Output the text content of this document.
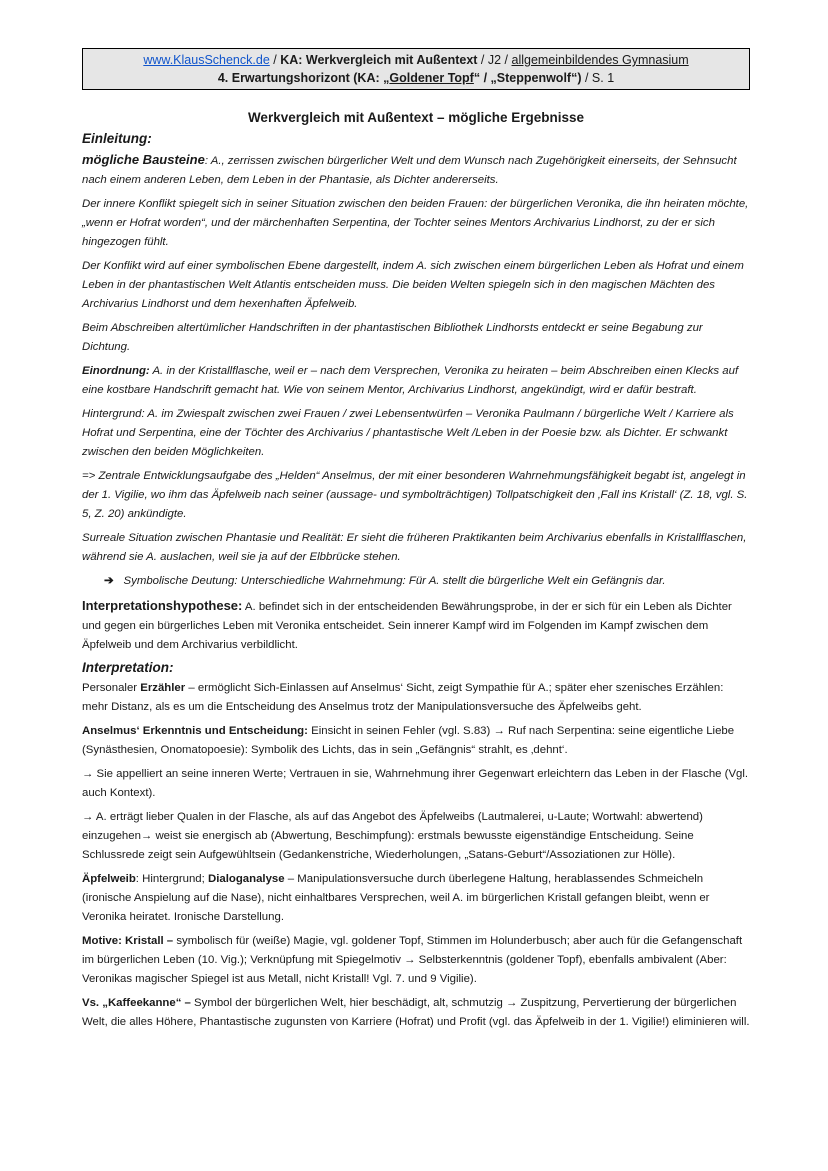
www.KlausSchenck.de / KA: Werkvergleich mit Außentext / J2 / allgemeinbildendes Gymnasium
4. Erwartungshorizont (KA: „Goldener Topf“ / „Steppenwolf“) / S. 1
Werkvergleich mit Außentext – mögliche Ergebnisse
Einleitung:

mögliche Bausteine: A., zerrissen zwischen bürgerlicher Welt und dem Wunsch nach Zugehörigkeit einerseits, der Sehnsucht nach einem anderen Leben, dem Leben in der Phantasie, als Dichter andererseits.

Der innere Konflikt spiegelt sich in seiner Situation zwischen den beiden Frauen: der bürgerlichen Veronika, die ihn heiraten möchte, „wenn er Hofrat worden“, und der märchenhaften Serpentina, der Tochter seines Mentors Archivarius Lindhorst, zu der er sich hingezogen fühlt.

Der Konflikt wird auf einer symbolischen Ebene dargestellt, indem A. sich zwischen einem bürgerlichen Leben als Hofrat und einem Leben in der phantastischen Welt Atlantis entscheiden muss. Die beiden Welten spiegeln sich in den magischen Mächten des Archivarius Lindhorst und dem hexenhaften Äpfelweib.

Beim Abschreiben altertümlicher Handschriften in der phantastischen Bibliothek Lindhorsts entdeckt er seine Begabung zur Dichtung.

Einordnung: A. in der Kristallflasche, weil er – nach dem Versprechen, Veronika zu heiraten – beim Abschreiben einen Klecks auf eine kostbare Handschrift gemacht hat. Wie von seinem Mentor, Archivarius Lindhorst, angekündigt, wird er dafür bestraft.

Hintergrund: A. im Zwiespalt zwischen zwei Frauen / zwei Lebensentwürfen – Veronika Paulmann / bürgerliche Welt / Karriere als Hofrat und Serpentina, eine der Töchter des Archivarius / phantastische Welt /Leben in der Poesie bzw. als Dichter. Er schwankt zwischen den beiden Möglichkeiten.

=> Zentrale Entwicklungsaufgabe des „Helden“ Anselmus, der mit einer besonderen Wahrnehmungsfähigkeit begabt ist, angelegt in der 1. Vigilie, wo ihm das Äpfelweib nach seiner (aussage- und symbolträchtigen) Tollpatschigkeit den ‚Fall ins Kristall‘ (Z. 18, vgl. S. 5, Z. 20) ankündigte.

Surreale Situation zwischen Phantasie und Realität: Er sieht die früheren Praktikanten beim Archivarius ebenfalls in Kristallflaschen, während sie A. auslachen, weil sie ja auf der Elbbrücke stehen.

➔ Symbolische Deutung: Unterschiedliche Wahrnehmung: Für A. stellt die bürgerliche Welt ein Gefängnis dar.

Interpretationshypothese: A. befindet sich in der entscheidenden Bewährungsprobe, in der er sich für ein Leben als Dichter und gegen ein bürgerliches Leben mit Veronika entscheidet. Sein innerer Kampf wird im Folgenden im Kampf zwischen dem Äpfelweib und dem Archivarius verbildlicht.

Interpretation:

Personaler Erzähler – ermöglicht Sich-Einlassen auf Anselmus‘ Sicht, zeigt Sympathie für A.; später eher szenisches Erzählen: mehr Distanz, als es um die Entscheidung des Anselmus trotz der Manipulationsversuche des Äpfelweibs geht.

Anselmus‘ Erkenntnis und Entscheidung: Einsicht in seinen Fehler (vgl. S.83) → Ruf nach Serpentina: seine eigentliche Liebe (Synästhesien, Onomatopoesie): Symbolik des Lichts, das in sein „Gefängnis“ strahlt, es ‚dehnt‘.

→ Sie appelliert an seine inneren Werte; Vertrauen in sie, Wahrnehmung ihrer Gegenwart erleichtern das Leben in der Flasche (Vgl. auch Kontext).

→ A. erträgt lieber Qualen in der Flasche, als auf das Angebot des Äpfelweibs (Lautmalerei, u-Laute; Wortwahl: abwertend) einzugehen→ weist sie energisch ab (Abwertung, Beschimpfung): erstmals bewusste eigenständige Entscheidung. Seine Schlussrede zeigt sein Aufgewühltsein (Gedankenstriche, Wiederholungen, „Satans-Geburt“/Assoziationen zur Hölle).

Äpfelweib: Hintergrund; Dialoganalyse – Manipulationsversuche durch überlegene Haltung, herablassendes Schmeicheln (ironische Anspielung auf die Nase), nicht einhaltbares Versprechen, weil A. im bürgerlichen Kristall gefangen bleibt, wenn er Veronika heiratet. Ironische Darstellung.

Motive: Kristall – symbolisch für (weiße) Magie, vgl. goldener Topf, Stimmen im Holunderbusch; aber auch für die Gefangenschaft im bürgerlichen Leben (10. Vig.); Verknüpfung mit Spiegelmotiv → Selbsterkenntnis (goldener Topf), ebenfalls ambivalent (Aber: Veronikas magischer Spiegel ist aus Metall, nicht Kristall! Vgl. 7. und 9 Vigilie).

Vs. „Kaffeekanne“ – Symbol der bürgerlichen Welt, hier beschädigt, alt, schmutzig → Zuspitzung, Pervertierung der bürgerlichen Welt, die alles Höhere, Phantastische zugunsten von Karriere (Hofrat) und Profit (vgl. das Äpfelweib in der 1. Vigilie!) eliminieren will.
